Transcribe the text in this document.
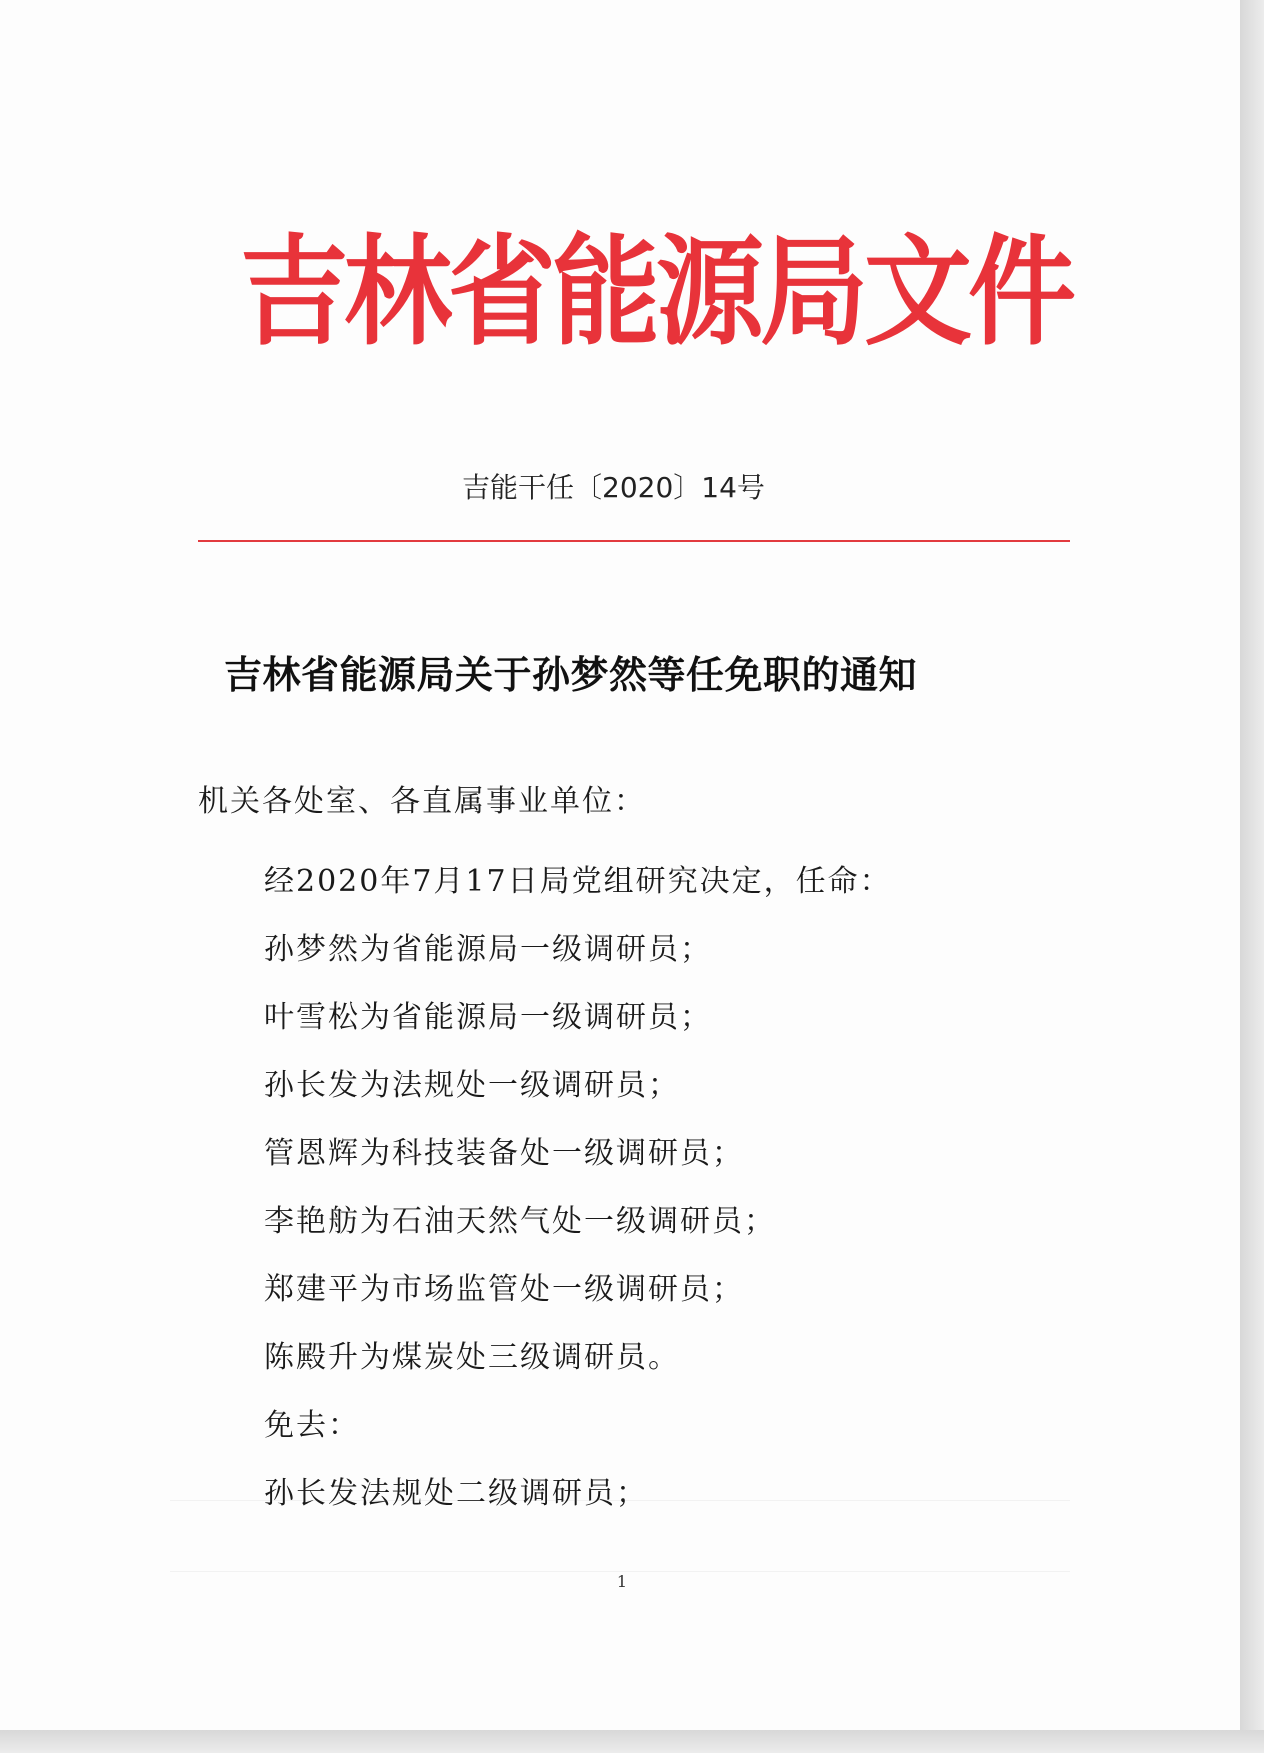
吉林省能源局文件
吉能干任〔2020〕14号
吉林省能源局关于孙梦然等任免职的通知
机关各处室、各直属事业单位：
经2020年7月17日局党组研究决定，任命：
孙梦然为省能源局一级调研员；
叶雪松为省能源局一级调研员；
孙长发为法规处一级调研员；
管恩辉为科技装备处一级调研员；
李艳舫为石油天然气处一级调研员；
郑建平为市场监管处一级调研员；
陈殿升为煤炭处三级调研员。
免去：
孙长发法规处二级调研员；
1
